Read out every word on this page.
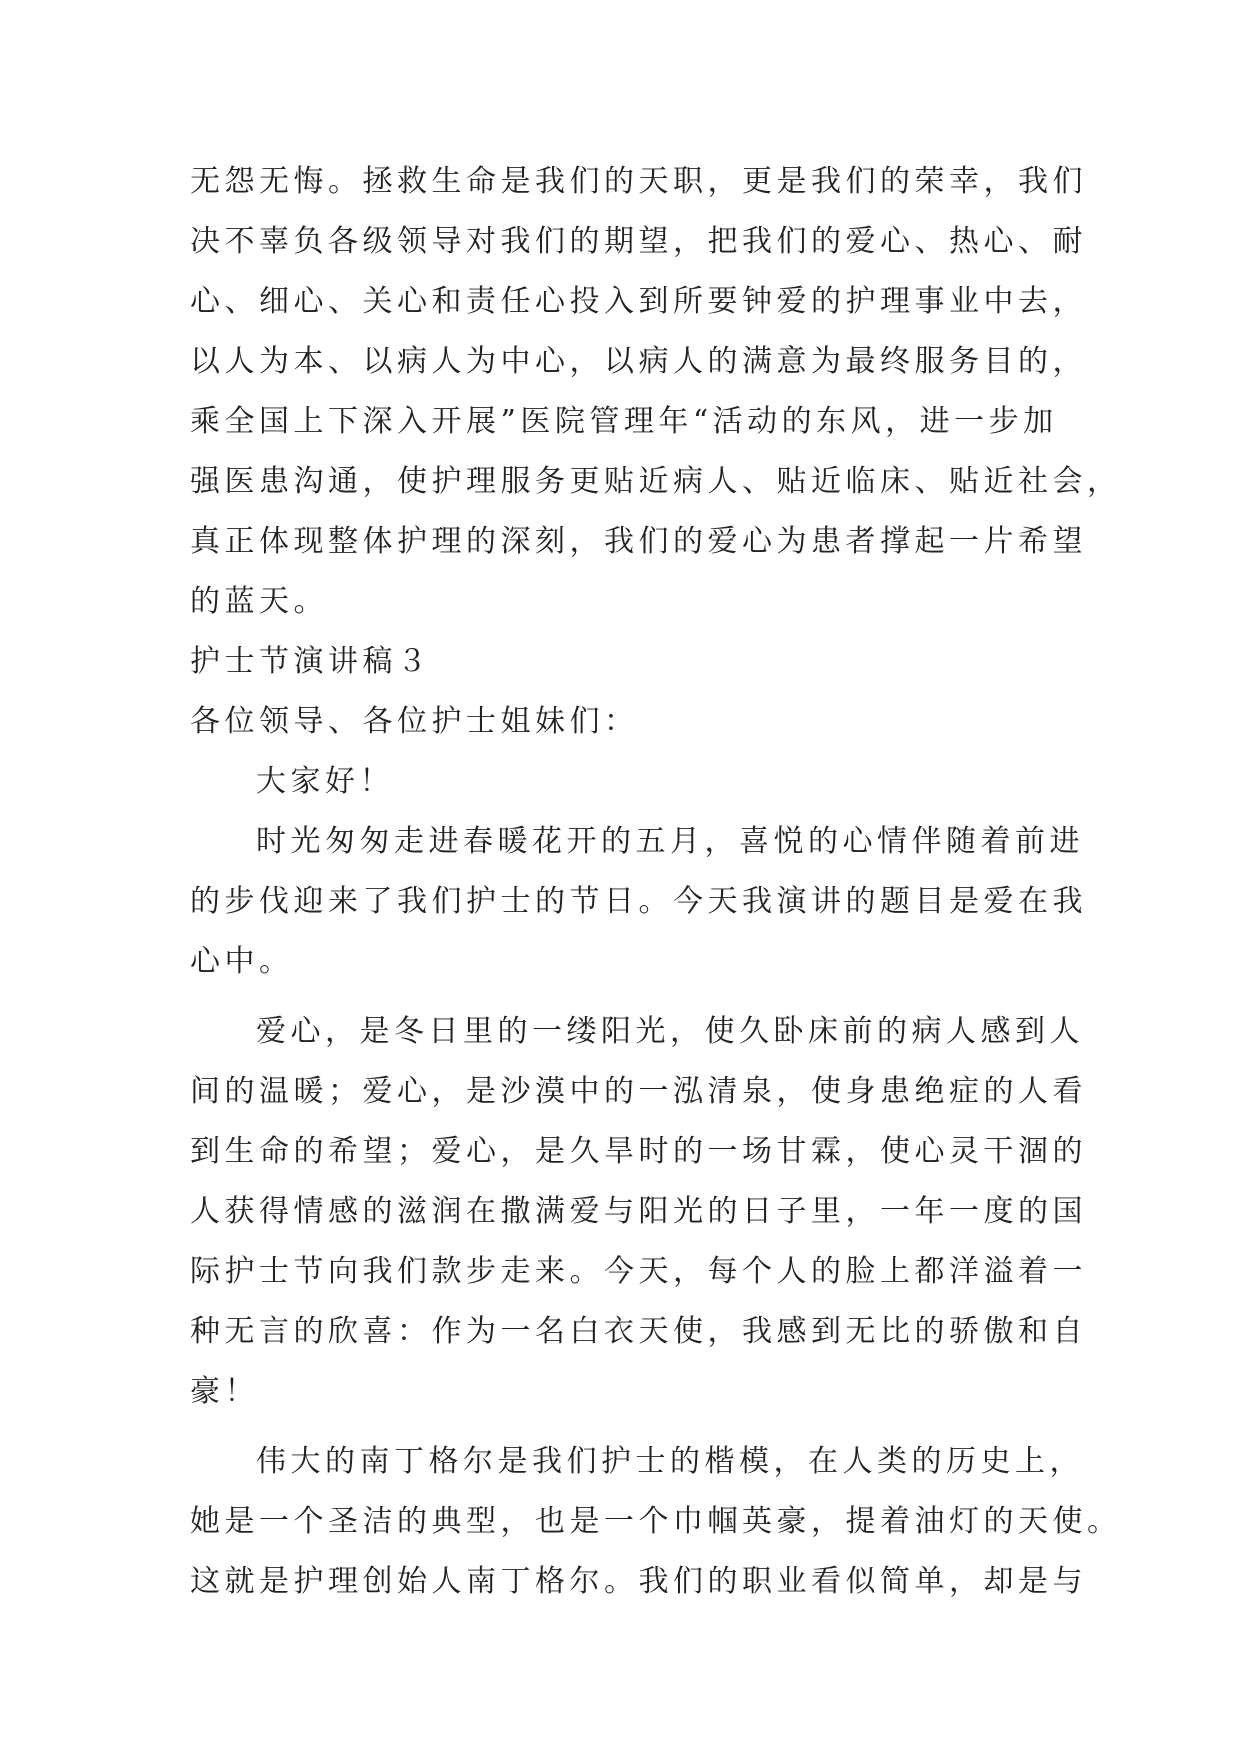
无怨无悔。拯救生命是我们的天职，更是我们的荣幸，我们
决不辜负各级领导对我们的期望，把我们的爱心、热心、耐
心、细心、关心和责任心投入到所要钟爱的护理事业中去，
以人为本、以病人为中心，以病人的满意为最终服务目的，
乘全国上下深入开展”医院管理年“活动的东风，进一步加
强医患沟通，使护理服务更贴近病人、贴近临床、贴近社会，
真正体现整体护理的深刻，我们的爱心为患者撑起一片希望
的蓝天。
护士节演讲稿３
各位领导、各位护士姐妹们：
大家好！
时光匆匆走进春暖花开的五月，喜悦的心情伴随着前进
的步伐迎来了我们护士的节日。今天我演讲的题目是爱在我
心中。
爱心，是冬日里的一缕阳光，使久卧床前的病人感到人
间的温暖；爱心，是沙漠中的一泓清泉，使身患绝症的人看
到生命的希望；爱心，是久旱时的一场甘霖，使心灵干涸的
人获得情感的滋润在撒满爱与阳光的日子里，一年一度的国
际护士节向我们款步走来。今天，每个人的脸上都洋溢着一
种无言的欣喜：作为一名白衣天使，我感到无比的骄傲和自
豪！
伟大的南丁格尔是我们护士的楷模，在人类的历史上，
她是一个圣洁的典型，也是一个巾帼英豪，提着油灯的天使。
这就是护理创始人南丁格尔。我们的职业看似简单，却是与
